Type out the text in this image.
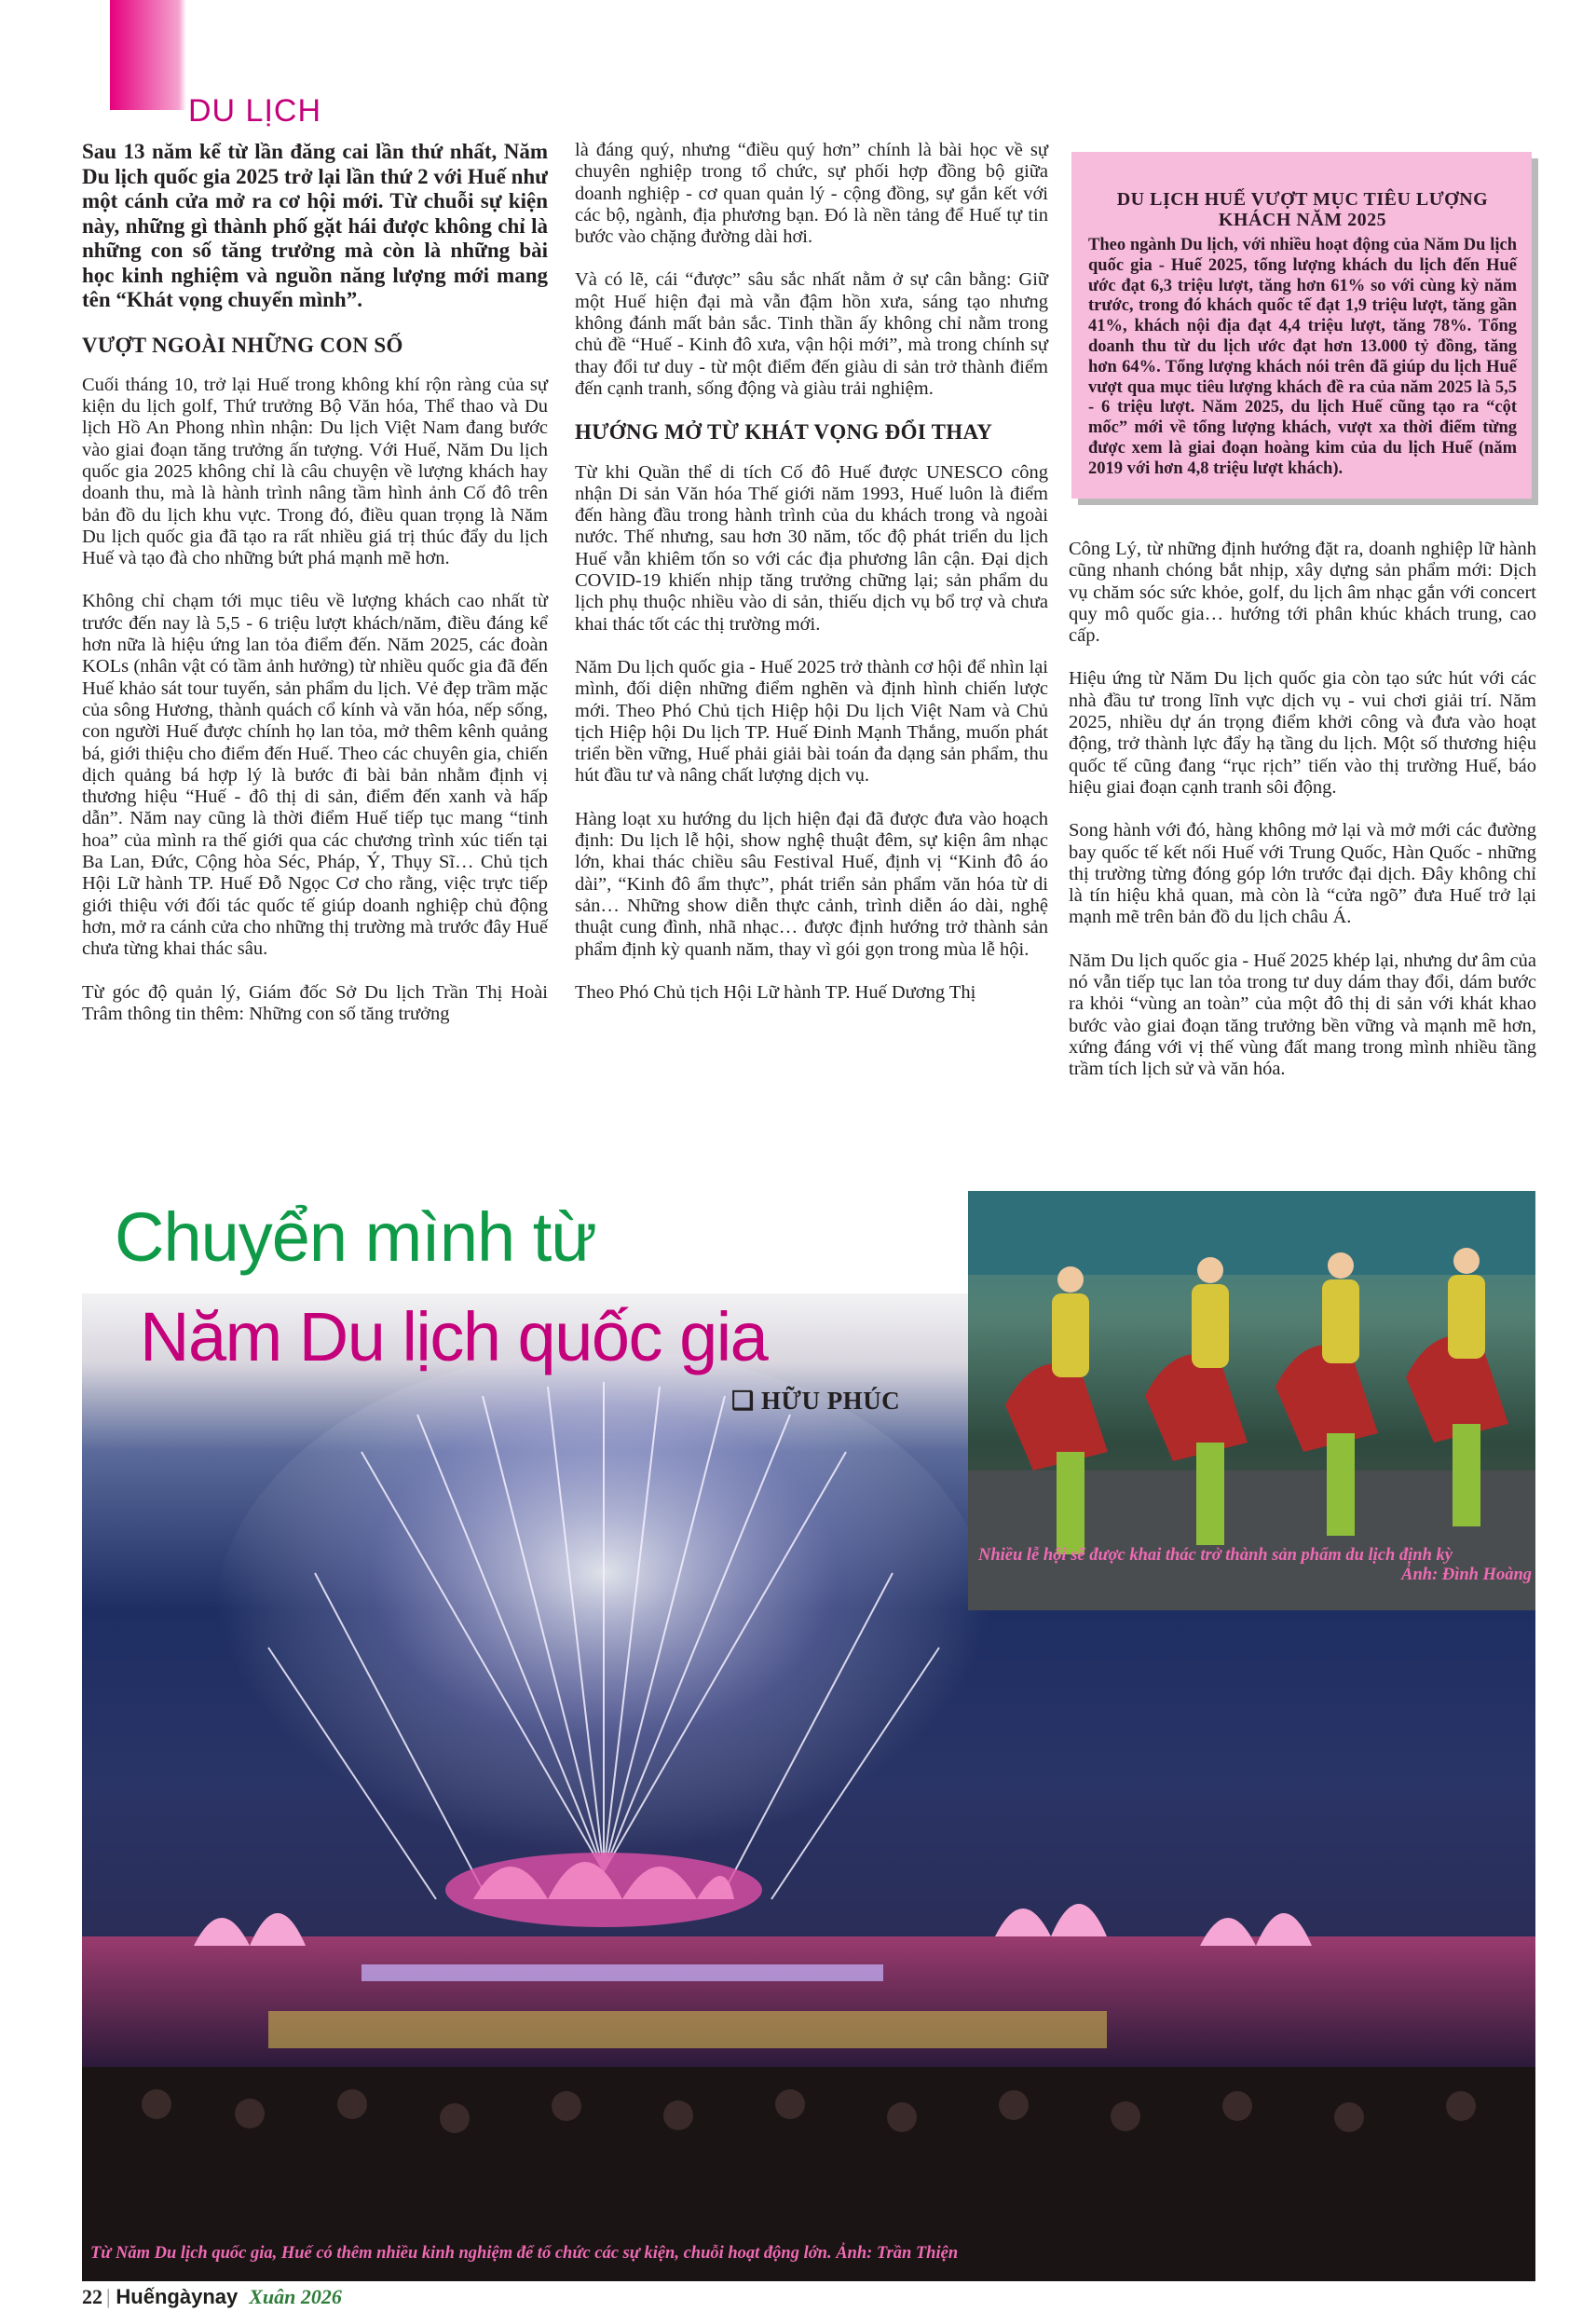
DU LỊCH

Sau 13 năm kể từ lần đăng cai lần thứ nhất, Năm Du lịch quốc gia 2025 trở lại lần thứ 2 với Huế như một cánh cửa mở ra cơ hội mới. Từ chuỗi sự kiện này, những gì thành phố gặt hái được không chỉ là những con số tăng trưởng mà còn là những bài học kinh nghiệm và nguồn năng lượng mới mang tên “Khát vọng chuyển mình”.

VƯỢT NGOÀI NHỮNG CON SỐ

Cuối tháng 10, trở lại Huế trong không khí rộn ràng của sự kiện du lịch golf, Thứ trưởng Bộ Văn hóa, Thể thao và Du lịch Hồ An Phong nhìn nhận: Du lịch Việt Nam đang bước vào giai đoạn tăng trưởng ấn tượng. Với Huế, Năm Du lịch quốc gia 2025 không chỉ là câu chuyện về lượng khách hay doanh thu, mà là hành trình nâng tầm hình ảnh Cố đô trên bản đồ du lịch khu vực. Trong đó, điều quan trọng là Năm Du lịch quốc gia đã tạo ra rất nhiều giá trị thúc đẩy du lịch Huế và tạo đà cho những bứt phá mạnh mẽ hơn.

Không chỉ chạm tới mục tiêu về lượng khách cao nhất từ trước đến nay là 5,5 - 6 triệu lượt khách/năm, điều đáng kể hơn nữa là hiệu ứng lan tỏa điểm đến. Năm 2025, các đoàn KOLs (nhân vật có tầm ảnh hưởng) từ nhiều quốc gia đã đến Huế khảo sát tour tuyến, sản phẩm du lịch. Vẻ đẹp trầm mặc của sông Hương, thành quách cổ kính và văn hóa, nếp sống, con người Huế được chính họ lan tỏa, mở thêm kênh quảng bá, giới thiệu cho điểm đến Huế. Theo các chuyên gia, chiến dịch quảng bá hợp lý là bước đi bài bản nhằm định vị thương hiệu “Huế - đô thị di sản, điểm đến xanh và hấp dẫn”. Năm nay cũng là thời điểm Huế tiếp tục mang “tinh hoa” của mình ra thế giới qua các chương trình xúc tiến tại Ba Lan, Đức, Cộng hòa Séc, Pháp, Ý, Thụy Sĩ… Chủ tịch Hội Lữ hành TP. Huế Đỗ Ngọc Cơ cho rằng, việc trực tiếp giới thiệu với đối tác quốc tế giúp doanh nghiệp chủ động hơn, mở ra cánh cửa cho những thị trường mà trước đây Huế chưa từng khai thác sâu.

Từ góc độ quản lý, Giám đốc Sở Du lịch Trần Thị Hoài Trâm thông tin thêm: Những con số tăng trưởng

là đáng quý, nhưng “điều quý hơn” chính là bài học về sự chuyên nghiệp trong tổ chức, sự phối hợp đồng bộ giữa doanh nghiệp - cơ quan quản lý - cộng đồng, sự gắn kết với các bộ, ngành, địa phương bạn. Đó là nền tảng để Huế tự tin bước vào chặng đường dài hơi.

Và có lẽ, cái “được” sâu sắc nhất nằm ở sự cân bằng: Giữ một Huế hiện đại mà vẫn đậm hồn xưa, sáng tạo nhưng không đánh mất bản sắc. Tinh thần ấy không chỉ nằm trong chủ đề “Huế - Kinh đô xưa, vận hội mới”, mà trong chính sự thay đổi tư duy - từ một điểm đến giàu di sản trở thành điểm đến cạnh tranh, sống động và giàu trải nghiệm.

HƯỚNG MỞ TỪ KHÁT VỌNG ĐỔI THAY

Từ khi Quần thể di tích Cố đô Huế được UNESCO công nhận Di sản Văn hóa Thế giới năm 1993, Huế luôn là điểm đến hàng đầu trong hành trình của du khách trong và ngoài nước. Thế nhưng, sau hơn 30 năm, tốc độ phát triển du lịch Huế vẫn khiêm tốn so với các địa phương lân cận. Đại dịch COVID-19 khiến nhịp tăng trưởng chững lại; sản phẩm du lịch phụ thuộc nhiều vào di sản, thiếu dịch vụ bổ trợ và chưa khai thác tốt các thị trường mới.

Năm Du lịch quốc gia - Huế 2025 trở thành cơ hội để nhìn lại mình, đối diện những điểm nghẽn và định hình chiến lược mới. Theo Phó Chủ tịch Hiệp hội Du lịch Việt Nam và Chủ tịch Hiệp hội Du lịch TP. Huế Đinh Mạnh Thắng, muốn phát triển bền vững, Huế phải giải bài toán đa dạng sản phẩm, thu hút đầu tư và nâng chất lượng dịch vụ.

Hàng loạt xu hướng du lịch hiện đại đã được đưa vào hoạch định: Du lịch lễ hội, show nghệ thuật đêm, sự kiện âm nhạc lớn, khai thác chiều sâu Festival Huế, định vị “Kinh đô áo dài”, “Kinh đô ẩm thực”, phát triển sản phẩm văn hóa từ di sản… Những show diễn thực cảnh, trình diễn áo dài, nghệ thuật cung đình, nhã nhạc… được định hướng trở thành sản phẩm định kỳ quanh năm, thay vì gói gọn trong mùa lễ hội.

Theo Phó Chủ tịch Hội Lữ hành TP. Huế Dương Thị

DU LỊCH HUẾ VƯỢT MỤC TIÊU LƯỢNG KHÁCH NĂM 2025
Theo ngành Du lịch, với nhiều hoạt động của Năm Du lịch quốc gia - Huế 2025, tổng lượng khách du lịch đến Huế ước đạt 6,3 triệu lượt, tăng hơn 61% so với cùng kỳ năm trước, trong đó khách quốc tế đạt 1,9 triệu lượt, tăng gần 41%, khách nội địa đạt 4,4 triệu lượt, tăng 78%. Tổng doanh thu từ du lịch ước đạt hơn 13.000 tỷ đồng, tăng hơn 64%. Tổng lượng khách nói trên đã giúp du lịch Huế vượt qua mục tiêu lượng khách đề ra của năm 2025 là 5,5 - 6 triệu lượt. Năm 2025, du lịch Huế cũng tạo ra “cột mốc” mới về tổng lượng khách, vượt xa thời điểm từng được xem là giai đoạn hoàng kim của du lịch Huế (năm 2019 với hơn 4,8 triệu lượt khách).

Công Lý, từ những định hướng đặt ra, doanh nghiệp lữ hành cũng nhanh chóng bắt nhịp, xây dựng sản phẩm mới: Dịch vụ chăm sóc sức khỏe, golf, du lịch âm nhạc gắn với concert quy mô quốc gia… hướng tới phân khúc khách trung, cao cấp.

Hiệu ứng từ Năm Du lịch quốc gia còn tạo sức hút với các nhà đầu tư trong lĩnh vực dịch vụ - vui chơi giải trí. Năm 2025, nhiều dự án trọng điểm khởi công và đưa vào hoạt động, trở thành lực đẩy hạ tầng du lịch. Một số thương hiệu quốc tế cũng đang “rục rịch” tiến vào thị trường Huế, báo hiệu giai đoạn cạnh tranh sôi động.

Song hành với đó, hàng không mở lại và mở mới các đường bay quốc tế kết nối Huế với Trung Quốc, Hàn Quốc - những thị trường từng đóng góp lớn trước đại dịch. Đây không chỉ là tín hiệu khả quan, mà còn là “cửa ngõ” đưa Huế trở lại mạnh mẽ trên bản đồ du lịch châu Á.

Năm Du lịch quốc gia - Huế 2025 khép lại, nhưng dư âm của nó vẫn tiếp tục lan tỏa trong tư duy dám thay đổi, dám bước ra khỏi “vùng an toàn” của một đô thị di sản với khát khao bước vào giai đoạn tăng trưởng bền vững và mạnh mẽ hơn, xứng đáng với vị thế vùng đất mang trong mình nhiều tầng trầm tích lịch sử và văn hóa.

Chuyển mình từ
Năm Du lịch quốc gia
❑ HỮU PHÚC
Nhiều lễ hội sẽ được khai thác trở thành sản phẩm du lịch định kỳ
Ảnh: Đình Hoàng
Từ Năm Du lịch quốc gia, Huế có thêm nhiều kinh nghiệm để tổ chức các sự kiện, chuỗi hoạt động lớn. Ảnh: Trần Thiện
22 | Huếngàynay Xuân 2026
